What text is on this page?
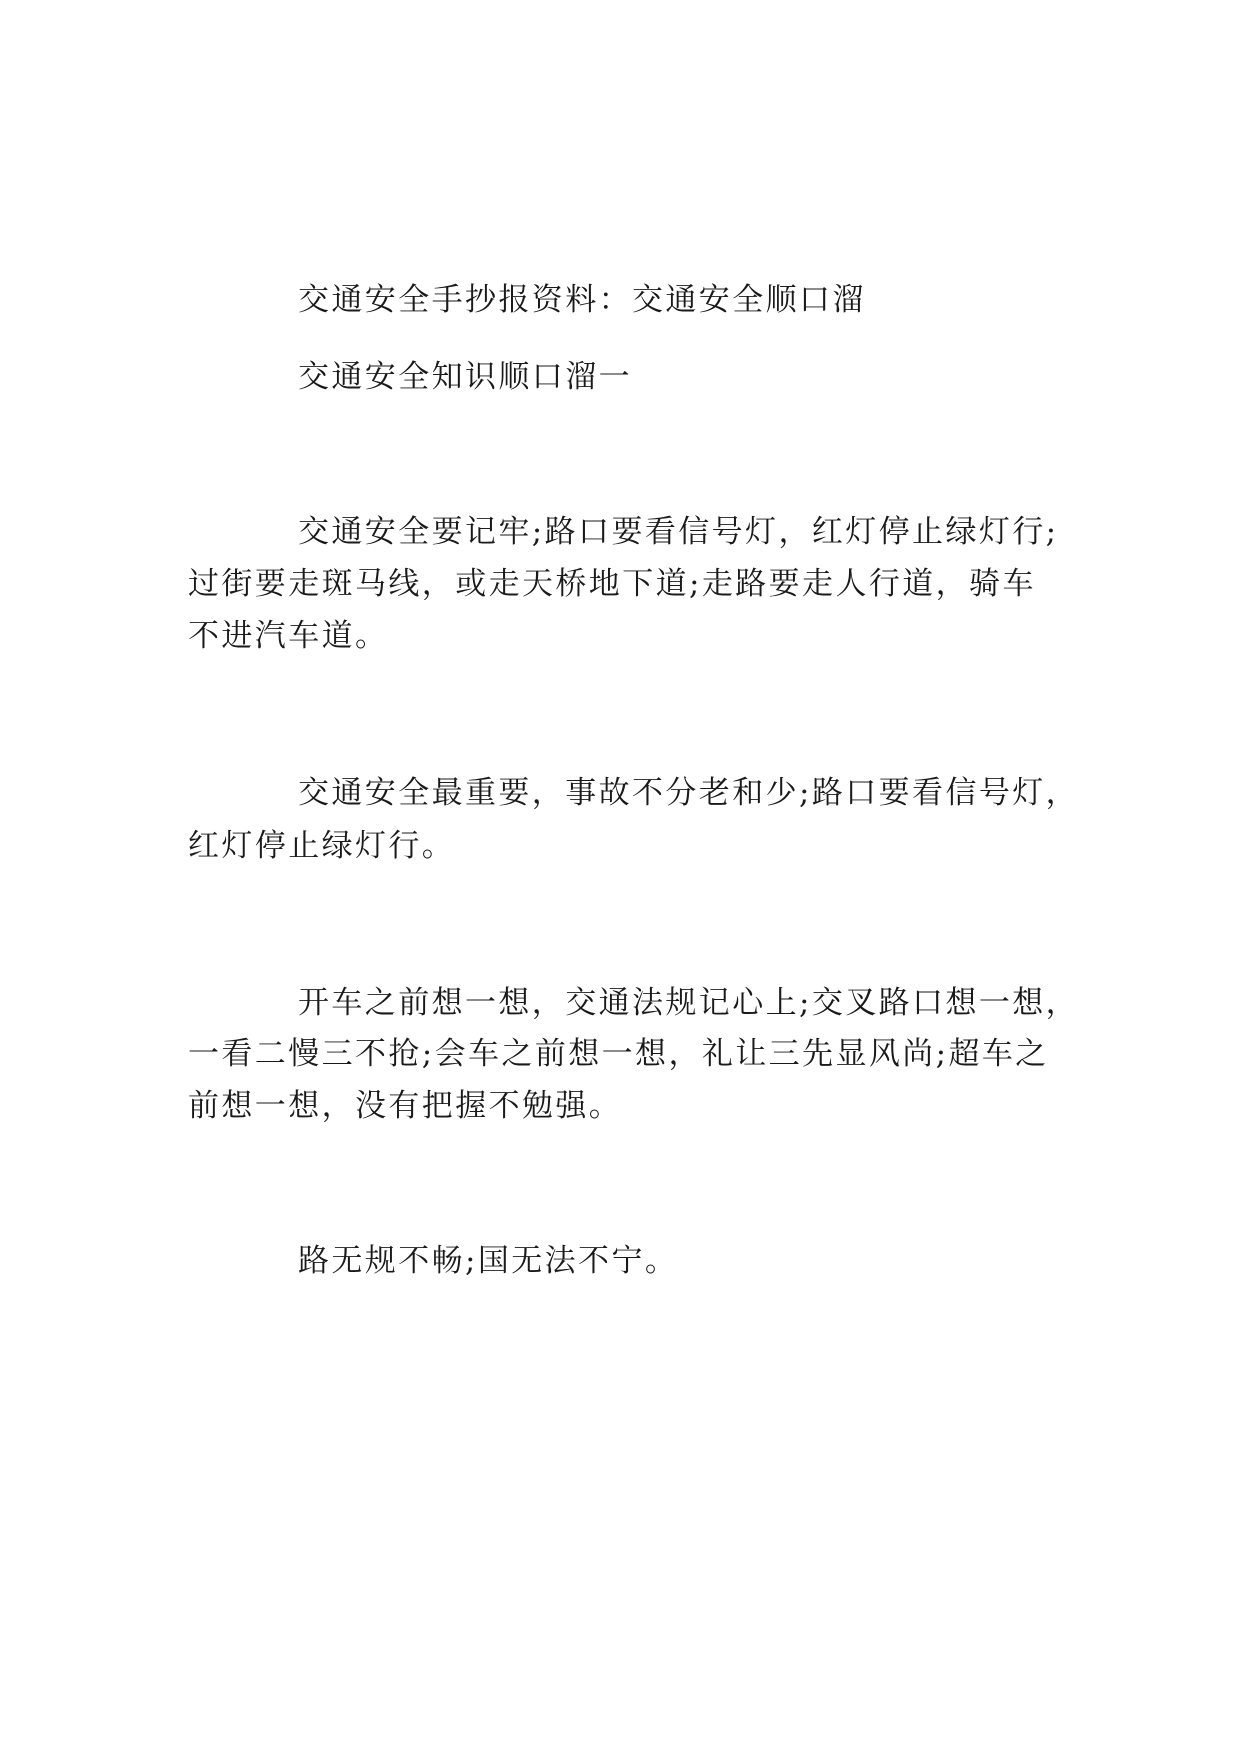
交通安全手抄报资料：交通安全顺口溜
交通安全知识顺口溜一
交通安全要记牢;路口要看信号灯，红灯停止绿灯行;
过街要走斑马线，或走天桥地下道;走路要走人行道，骑车
不进汽车道。
交通安全最重要，事故不分老和少;路口要看信号灯，
红灯停止绿灯行。
开车之前想一想，交通法规记心上;交叉路口想一想，
一看二慢三不抢;会车之前想一想，礼让三先显风尚;超车之
前想一想，没有把握不勉强。
路无规不畅;国无法不宁。
